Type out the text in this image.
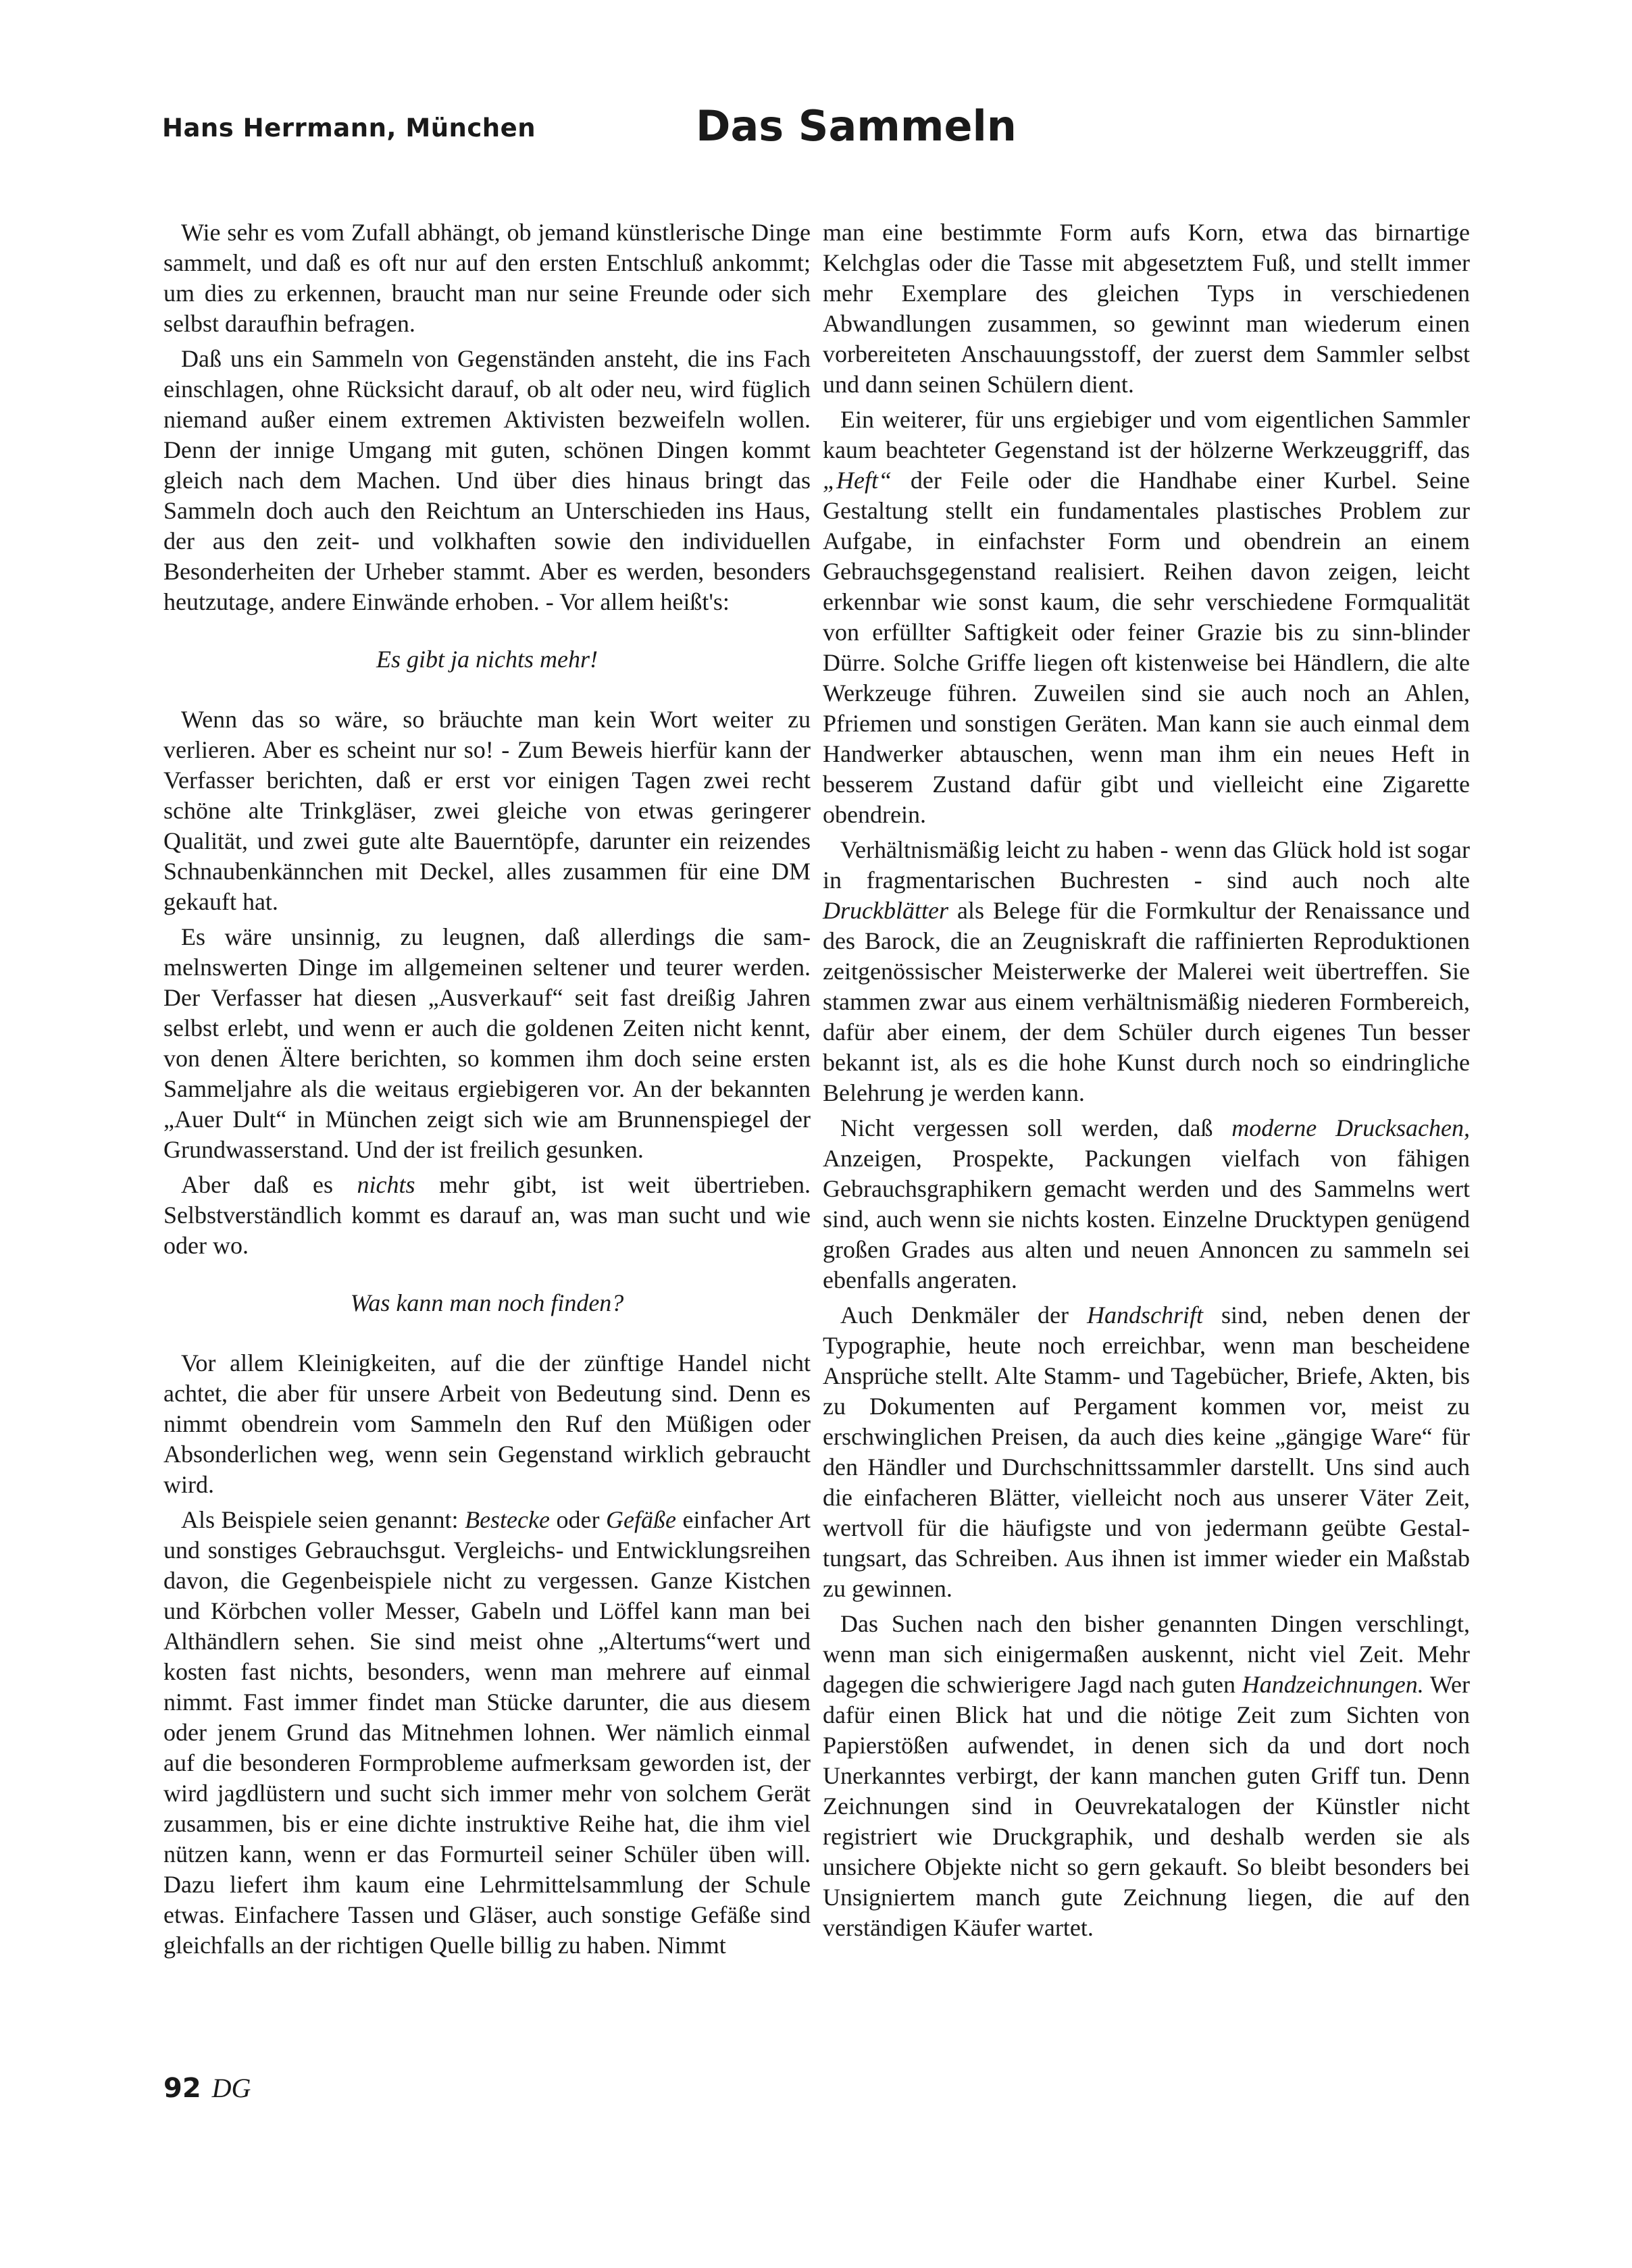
Hans Herrmann, München	Das Sammeln

Wie sehr es vom Zufall abhängt, ob jemand künstlerische Dinge sammelt, und daß es oft nur auf den ersten Entschluß ankommt; um dies zu erkennen, braucht man nur seine Freunde oder sich selbst daraufhin befragen.

Daß uns ein Sammeln von Gegenständen ansteht, die ins Fach einschlagen, ohne Rücksicht darauf, ob alt oder neu, wird füglich niemand außer einem extremen Aktivisten bezweifeln wollen. Denn der innige Umgang mit guten, schönen Dingen kommt gleich nach dem Machen. Und über dies hinaus bringt das Sammeln doch auch den Reichtum an Unterschieden ins Haus, der aus den zeit- und volkhaften sowie den individuellen Besonderheiten der Urheber stammt. Aber es werden, besonders heutzutage, andere Einwände erhoben. - Vor allem heißt's:

Es gibt ja nichts mehr!

Wenn das so wäre, so bräuchte man kein Wort weiter zu verlieren. Aber es scheint nur so! - Zum Beweis hierfür kann der Verfasser berichten, daß er erst vor einigen Tagen zwei recht schöne alte Trinkgläser, zwei gleiche von etwas geringerer Qualität, und zwei gute alte Bauerntöpfe, darunter ein reizendes Schnaubenkännchen mit Deckel, alles zusammen für eine DM gekauft hat.

Es wäre unsinnig, zu leugnen, daß allerdings die sammelnswerten Dinge im allgemeinen seltener und teurer werden. Der Verfasser hat diesen „Ausverkauf“ seit fast dreißig Jahren selbst erlebt, und wenn er auch die goldenen Zeiten nicht kennt, von denen Ältere berichten, so kommen ihm doch seine ersten Sammeljahre als die weitaus ergiebigeren vor. An der bekannten „Auer Dult“ in München zeigt sich wie am Brunnenspiegel der Grundwasserstand. Und der ist freilich gesunken.

Aber daß es nichts mehr gibt, ist weit übertrieben. Selbstverständlich kommt es darauf an, was man sucht und wie oder wo.

Was kann man noch finden?

Vor allem Kleinigkeiten, auf die der zünftige Handel nicht achtet, die aber für unsere Arbeit von Bedeutung sind. Denn es nimmt obendrein vom Sammeln den Ruf den Müßigen oder Absonderlichen weg, wenn sein Gegenstand wirklich gebraucht wird.

Als Beispiele seien genannt: Bestecke oder Gefäße einfacher Art und sonstiges Gebrauchsgut. Vergleichs- und Entwicklungsreihen davon, die Gegenbeispiele nicht zu vergessen. Ganze Kistchen und Körbchen voller Messer, Gabeln und Löffel kann man bei Althändlern sehen. Sie sind meist ohne „Altertums“wert und kosten fast nichts, besonders, wenn man mehrere auf einmal nimmt. Fast immer findet man Stücke darunter, die aus diesem oder jenem Grund das Mitnehmen lohnen. Wer nämlich einmal auf die besonderen Formprobleme aufmerksam geworden ist, der wird jagdlüstern und sucht sich immer mehr von solchem Gerät zusammen, bis er eine dichte instruktive Reihe hat, die ihm viel nützen kann, wenn er das Formurteil seiner Schüler üben will. Dazu liefert ihm kaum eine Lehrmittelsammlung der Schule etwas. Einfachere Tassen und Gläser, auch sonstige Gefäße sind gleichfalls an der richtigen Quelle billig zu haben. Nimmt

man eine bestimmte Form aufs Korn, etwa das birnartige Kelchglas oder die Tasse mit abgesetztem Fuß, und stellt immer mehr Exemplare des gleichen Typs in verschiedenen Abwandlungen zusammen, so gewinnt man wiederum einen vorbereiteten Anschauungsstoff, der zuerst dem Sammler selbst und dann seinen Schülern dient.

Ein weiterer, für uns ergiebiger und vom eigentlichen Sammler kaum beachteter Gegenstand ist der hölzerne Werkzeuggriff, das „Heft“ der Feile oder die Handhabe einer Kurbel. Seine Gestaltung stellt ein fundamentales plastisches Problem zur Aufgabe, in einfachster Form und obendrein an einem Gebrauchsgegenstand realisiert. Reihen davon zeigen, leicht erkennbar wie sonst kaum, die sehr verschiedene Formqualität von erfüllter Saftigkeit oder feiner Grazie bis zu sinn-blinder Dürre. Solche Griffe liegen oft kistenweise bei Händlern, die alte Werkzeuge führen. Zuweilen sind sie auch noch an Ahlen, Pfriemen und sonstigen Geräten. Man kann sie auch einmal dem Handwerker abtauschen, wenn man ihm ein neues Heft in besserem Zustand dafür gibt und vielleicht eine Zigarette obendrein.

Verhältnismäßig leicht zu haben - wenn das Glück hold ist sogar in fragmentarischen Buchresten - sind auch noch alte Druckblätter als Belege für die Formkultur der Renaissance und des Barock, die an Zeugniskraft die raffinierten Reproduktionen zeitgenössischer Meisterwerke der Malerei weit übertreffen. Sie stammen zwar aus einem verhältnismäßig niederen Formbereich, dafür aber einem, der dem Schüler durch eigenes Tun besser bekannt ist, als es die hohe Kunst durch noch so eindringliche Belehrung je werden kann.

Nicht vergessen soll werden, daß moderne Drucksachen, Anzeigen, Prospekte, Packungen vielfach von fähigen Gebrauchsgraphikern gemacht werden und des Sammelns wert sind, auch wenn sie nichts kosten. Einzelne Drucktypen genügend großen Grades aus alten und neuen Annoncen zu sammeln sei ebenfalls angeraten.

Auch Denkmäler der Handschrift sind, neben denen der Typographie, heute noch erreichbar, wenn man bescheidene Ansprüche stellt. Alte Stamm- und Tagebücher, Briefe, Akten, bis zu Dokumenten auf Pergament kommen vor, meist zu erschwinglichen Preisen, da auch dies keine „gängige Ware“ für den Händler und Durchschnittssammler darstellt. Uns sind auch die einfacheren Blätter, vielleicht noch aus unserer Väter Zeit, wertvoll für die häufigste und von jedermann geübte Gestaltungsart, das Schreiben. Aus ihnen ist immer wieder ein Maßstab zu gewinnen.

Das Suchen nach den bisher genannten Dingen verschlingt, wenn man sich einigermaßen auskennt, nicht viel Zeit. Mehr dagegen die schwierigere Jagd nach guten Handzeichnungen. Wer dafür einen Blick hat und die nötige Zeit zum Sichten von Papierstößen aufwendet, in denen sich da und dort noch Unerkanntes verbirgt, der kann manchen guten Griff tun. Denn Zeichnungen sind in Oeuvrekatalogen der Künstler nicht registriert wie Druckgraphik, und deshalb werden sie als unsichere Objekte nicht so gern gekauft. So bleibt besonders bei Unsigniertem manch gute Zeichnung liegen, die auf den verständigen Käufer wartet.

92 DG
